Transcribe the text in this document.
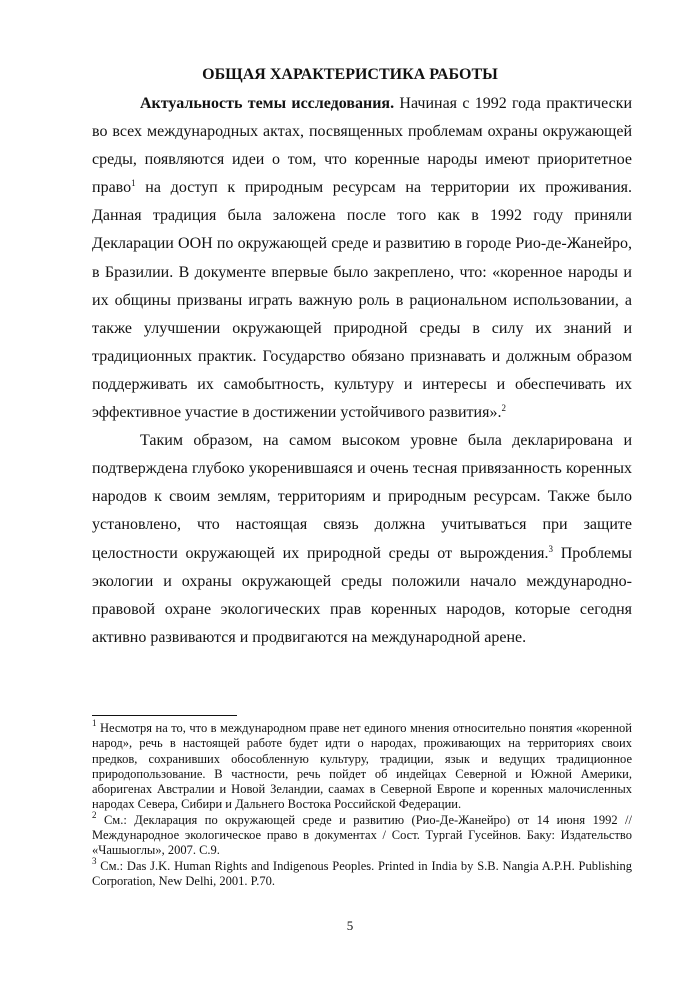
ОБЩАЯ ХАРАКТЕРИСТИКА РАБОТЫ

Актуальность темы исследования. Начиная с 1992 года практически во всех международных актах, посвященных проблемам охраны окружающей среды, появляются идеи о том, что коренные народы имеют приоритетное право$^1$ на доступ к природным ресурсам на территории их проживания. Данная традиция была заложена после того как в 1992 году приняли Декларации ООН по окружающей среде и развитию в городе Рио-де-Жанейро, в Бразилии. В документе впервые было закреплено, что: «коренное народы и их общины призваны играть важную роль в рациональном использовании, а также улучшении окружающей природной среды в силу их знаний и традиционных практик. Государство обязано признавать и должным образом поддерживать их самобытность, культуру и интересы и обеспечивать их эффективное участие в достижении устойчивого развития».$^2$

Таким образом, на самом высоком уровне была декларирована и подтверждена глубоко укоренившаяся и очень тесная привязанность коренных народов к своим землям, территориям и природным ресурсам. Также было установлено, что настоящая связь должна учитываться при защите целостности окружающей их природной среды от вырождения.$^3$ Проблемы экологии и охраны окружающей среды положили начало международно-правовой охране экологических прав коренных народов, которые сегодня активно развиваются и продвигаются на международной арене.

$^1$ Несмотря на то, что в международном праве нет единого мнения относительно понятия «коренной народ», речь в настоящей работе будет идти о народах, проживающих на территориях своих предков, сохранивших обособленную культуру, традиции, язык и ведущих традиционное природопользование. В частности, речь пойдет об индейцах Северной и Южной Америки, аборигенах Австралии и Новой Зеландии, саамах в Северной Европе и коренных малочисленных народах Севера, Сибири и Дальнего Востока Российской Федерации.

$^2$ См.: Декларация по окружающей среде и развитию (Рио-Де-Жанейро) от 14 июня 1992 // Международное экологическое право в документах / Сост. Тургай Гусейнов. Баку: Издательство «Чашыоглы», 2007. С.9.

$^3$ См.: Das J.K. Human Rights and Indigenous Peoples. Printed in India by S.B. Nangia A.P.H. Publishing Corporation, New Delhi, 2001. P.70.

5
